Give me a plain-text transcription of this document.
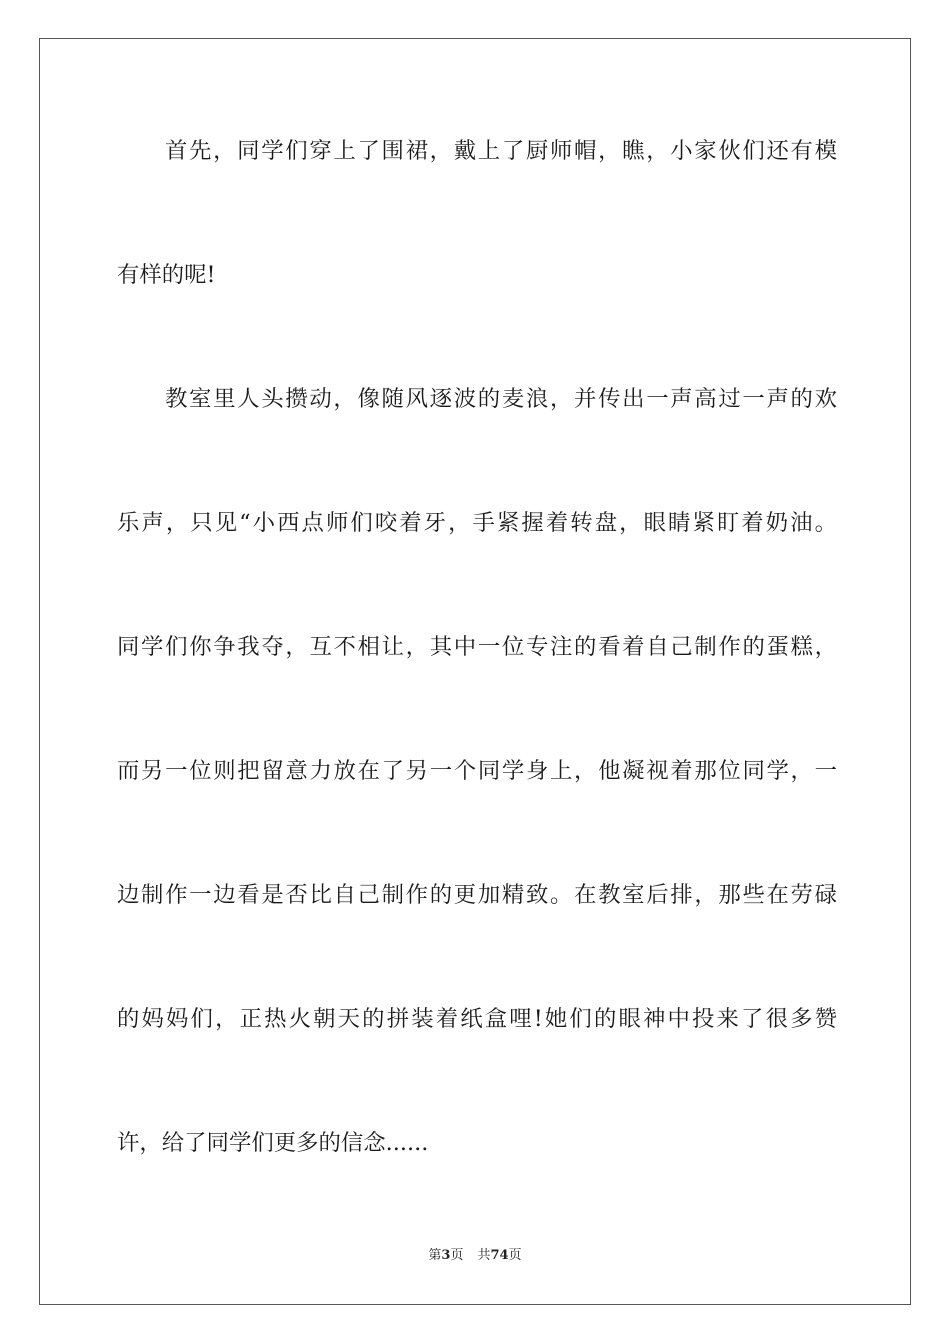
首先，同学们穿上了围裙，戴上了厨师帽，瞧，小家伙们还有模
有样的呢!
教室里人头攒动，像随风逐波的麦浪，并传出一声高过一声的欢
乐声，只见“小西点师们咬着牙，手紧握着转盘，眼睛紧盯着奶油。
同学们你争我夺，互不相让，其中一位专注的看着自己制作的蛋糕，
而另一位则把留意力放在了另一个同学身上，他凝视着那位同学，一
边制作一边看是否比自己制作的更加精致。在教室后排，那些在劳碌
的妈妈们，正热火朝天的拼装着纸盒哩!她们的眼神中投来了很多赞
许，给了同学们更多的信念......
第3页 共74页
